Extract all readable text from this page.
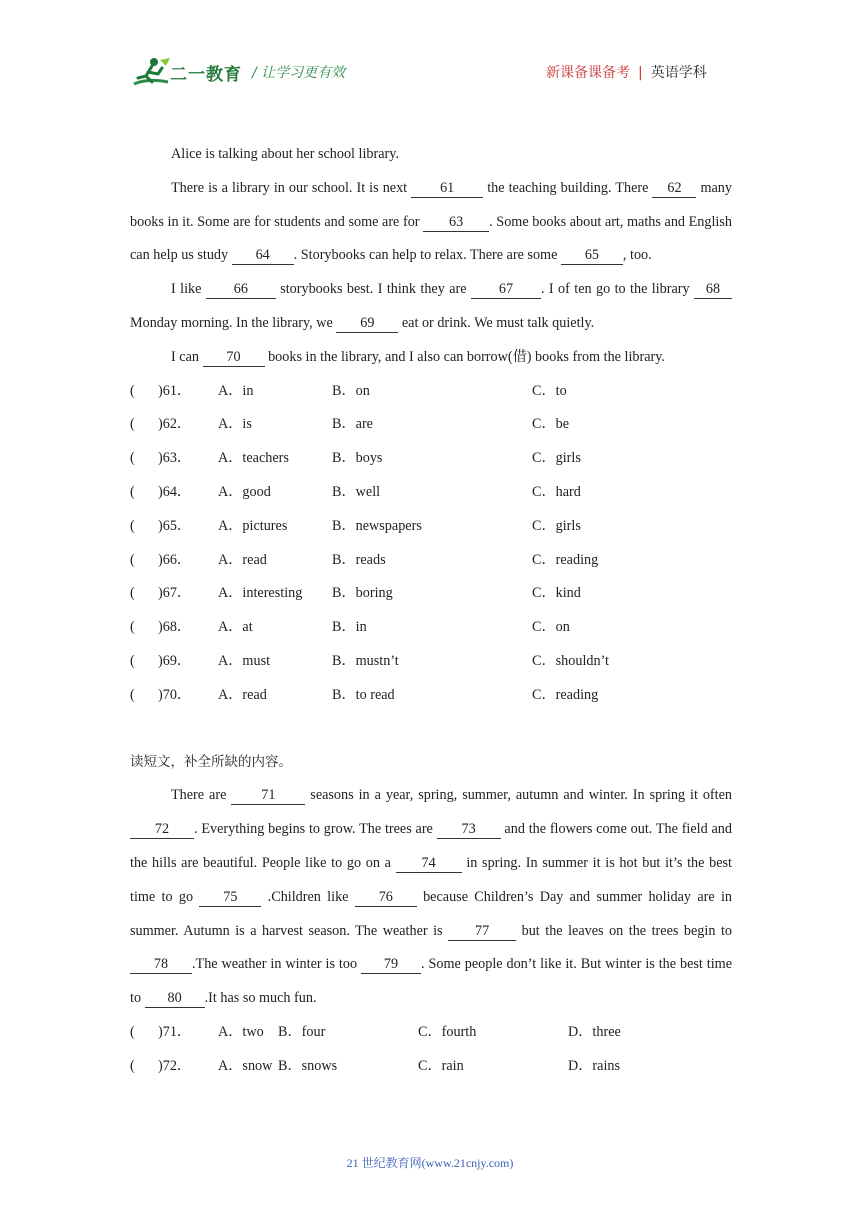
二一教育 / 让学习更有效	新课备课备考 | 英语学科

Alice is talking about her school library.

There is a library in our school. It is next 61 the teaching building. There 62 many books in it. Some are for students and some are for 63 . Some books about art, maths and English can help us study 64 . Storybooks can help to relax. There are some 65 , too.

I like 66 storybooks best. I think they are 67 . I of ten go to the library 68 Monday morning. In the library, we 69 eat or drink. We must talk quietly.

I can 70 books in the library, and I also can borrow(借) books from the library.

(	)61．	A．in	B．on	C．to
(	)62．	A．is	B．are	C．be
(	)63．	A．teachers	B．boys	C．girls
(	)64．	A．good	B．well	C．hard
(	)65．	A．pictures	B．newspapers	C．girls
(	)66．	A．read	B．reads	C．reading
(	)67．	A．interesting	B．boring	C．kind
(	)68．	A．at	B．in	C．on
(	)69．	A．must	B．mustn’t	C．shouldn’t
(	)70．	A．read	B．to read	C．reading

读短文，补全所缺的内容。

There are 71 seasons in a year, spring, summer, autumn and winter. In spring it often 72 . Everything begins to grow. The trees are 73 and the flowers come out. The field and the hills are beautiful. People like to go on a 74 in spring. In summer it is hot but it’s the best time to go 75 .Children like 76 because Children’s Day and summer holiday are in summer. Autumn is a harvest season. The weather is 77 but the leaves on the trees begin to 78 .The weather in winter is too 79 . Some people don’t like it. But winter is the best time to 80 .It has so much fun.

(	)71．	A．two	B．four	C．fourth	D．three
(	)72．	A．snow B．snows	C．rain	D．rains
21 世纪教育网(www.21cnjy.com)
